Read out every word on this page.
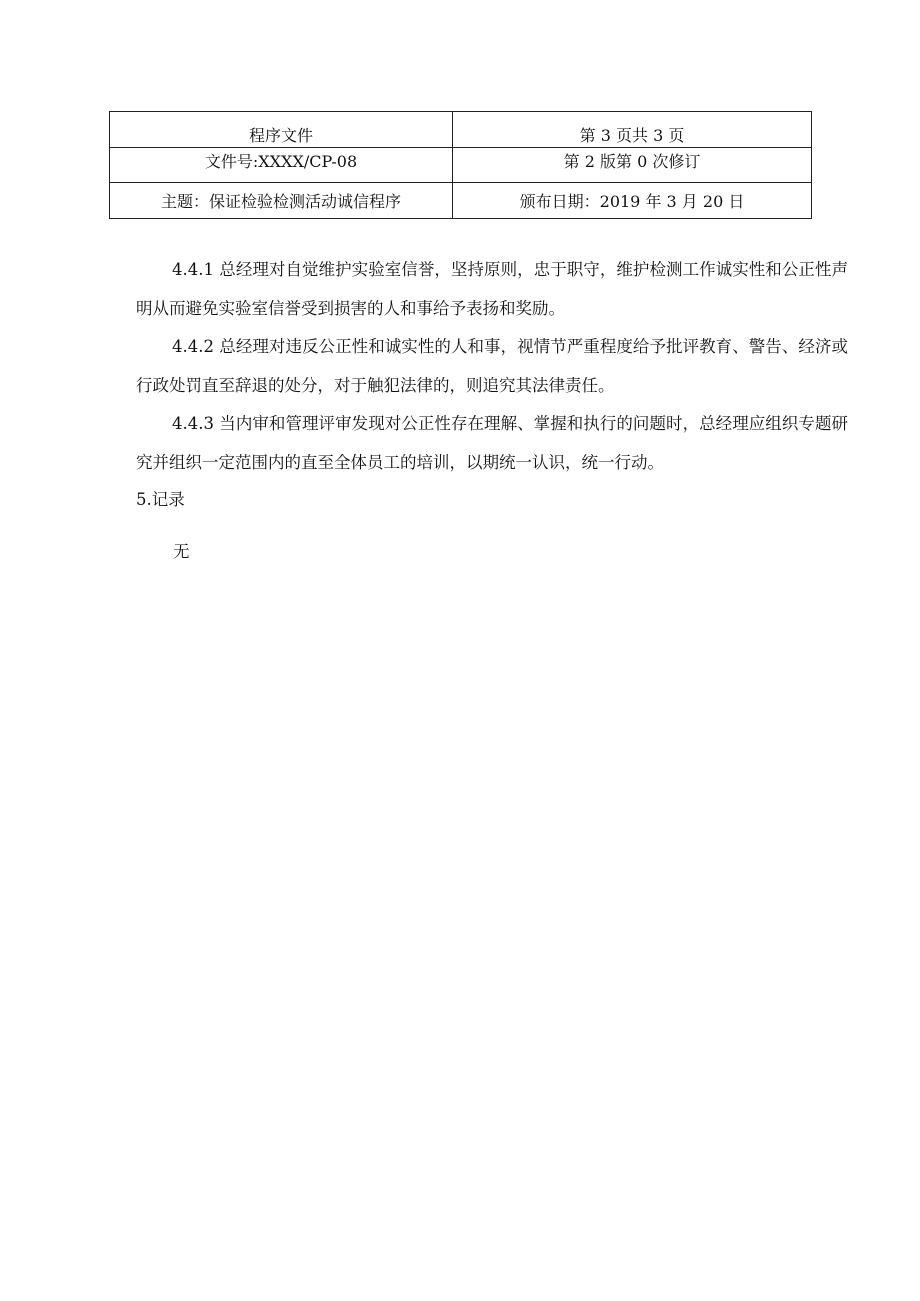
程序文件	第 3 页共 3 页
文件号:XXXX/CP-08	第 2 版第 0 次修订
主题：保证检验检测活动诚信程序	颁布日期：2019 年 3 月 20 日

4.4.1 总经理对自觉维护实验室信誉，坚持原则，忠于职守，维护检测工作诚实性和公正性声明从而避免实验室信誉受到损害的人和事给予表扬和奖励。

4.4.2 总经理对违反公正性和诚实性的人和事，视情节严重程度给予批评教育、警告、经济或行政处罚直至辞退的处分，对于触犯法律的，则追究其法律责任。

4.4.3 当内审和管理评审发现对公正性存在理解、掌握和执行的问题时，总经理应组织专题研究并组织一定范围内的直至全体员工的培训，以期统一认识，统一行动。

5.记录

无
